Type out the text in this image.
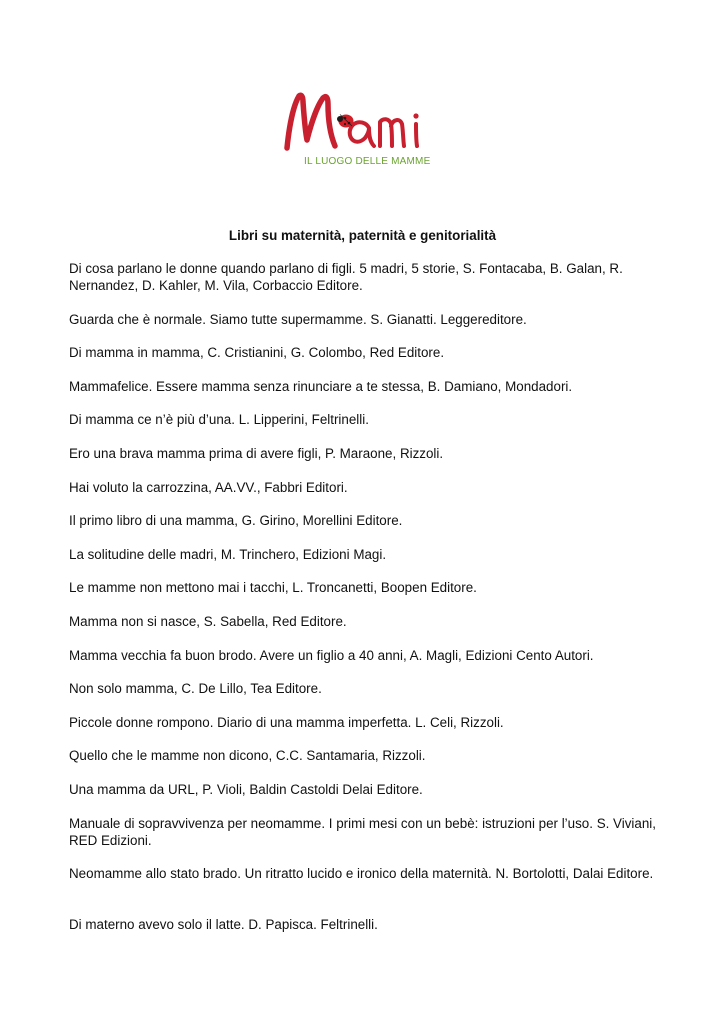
IL LUOGO DELLE MAMME
Libri su maternità, paternità e genitorialità

Di cosa parlano le donne quando parlano di figli. 5 madri, 5 storie, S. Fontacaba, B. Galan, R. Nernandez, D. Kahler, M. Vila, Corbaccio Editore.

Guarda che è normale. Siamo tutte supermamme. S. Gianatti. Leggereditore.

Di mamma in mamma, C. Cristianini, G. Colombo, Red Editore.

Mammafelice. Essere mamma senza rinunciare a te stessa, B. Damiano, Mondadori.

Di mamma ce n’è più d’una. L. Lipperini, Feltrinelli.

Ero una brava mamma prima di avere figli, P. Maraone, Rizzoli.

Hai voluto la carrozzina, AA.VV., Fabbri Editori.

Il primo libro di una mamma, G. Girino, Morellini Editore.

La solitudine delle madri, M. Trinchero, Edizioni Magi.

Le mamme non mettono mai i tacchi, L. Troncanetti, Boopen Editore.

Mamma non si nasce, S. Sabella, Red Editore.

Mamma vecchia fa buon brodo. Avere un figlio a 40 anni, A. Magli, Edizioni Cento Autori.

Non solo mamma, C. De Lillo, Tea Editore.

Piccole donne rompono. Diario di una mamma imperfetta. L. Celi, Rizzoli.

Quello che le mamme non dicono, C.C. Santamaria, Rizzoli.

Una mamma da URL, P. Violi, Baldin Castoldi Delai Editore.

Manuale di sopravvivenza per neomamme. I primi mesi con un bebè: istruzioni per l’uso. S. Viviani, RED Edizioni.

Neomamme allo stato brado. Un ritratto lucido e ironico della maternità. N. Bortolotti, Dalai Editore.

Di materno avevo solo il latte. D. Papisca. Feltrinelli.
